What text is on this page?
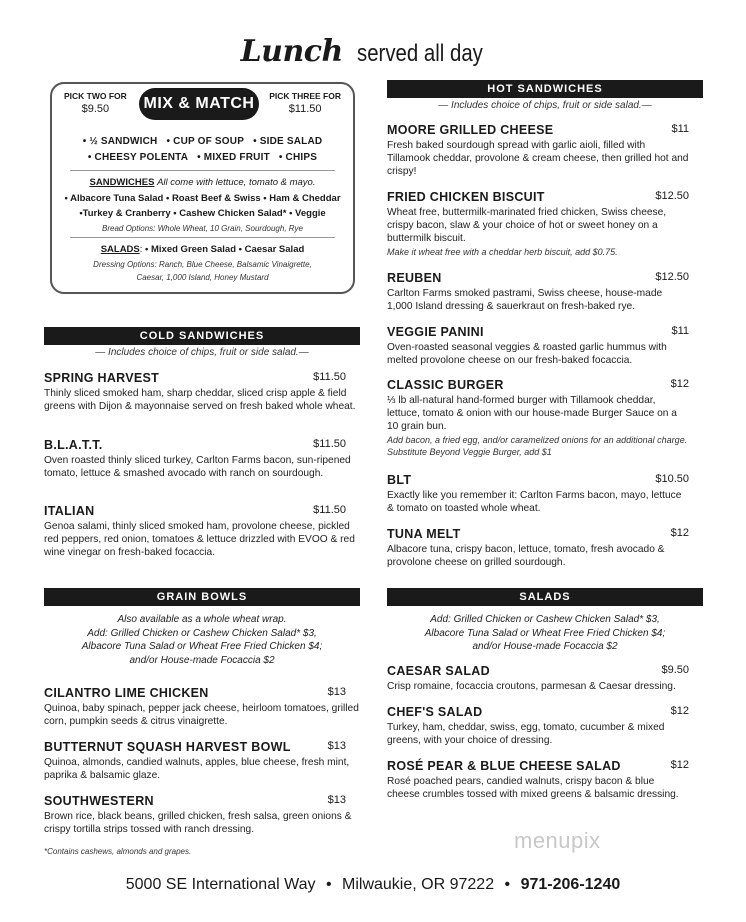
Lunch served all day
PICK TWO FOR
$9.50	MIX & MATCH	PICK THREE FOR
$11.50
• ½ SANDWICH • CUP OF SOUP • SIDE SALAD
• CHEESY POLENTA • MIXED FRUIT • CHIPS
SANDWICHES All come with lettuce, tomato & mayo.
• Albacore Tuna Salad • Roast Beef & Swiss • Ham & Cheddar
•Turkey & Cranberry • Cashew Chicken Salad* • Veggie
Bread Options: Whole Wheat, 10 Grain, Sourdough, Rye
SALADS: • Mixed Green Salad • Caesar Salad
Dressing Options: Ranch, Blue Cheese, Balsamic Vinaigrette,
Caesar, 1,000 Island, Honey Mustard
COLD SANDWICHES
— Includes choice of chips, fruit or side salad.—
SPRING HARVEST	$11.50
Thinly sliced smoked ham, sharp cheddar, sliced crisp apple & field greens with Dijon & mayonnaise served on fresh baked whole wheat.
B.L.A.T.T.	$11.50
Oven roasted thinly sliced turkey, Carlton Farms bacon, sun-ripened tomato, lettuce & smashed avocado with ranch on sourdough.
ITALIAN	$11.50
Genoa salami, thinly sliced smoked ham, provolone cheese, pickled red peppers, red onion, tomatoes & lettuce drizzled with EVOO & red wine vinegar on fresh-baked focaccia.
GRAIN BOWLS
Also available as a whole wheat wrap.
Add: Grilled Chicken or Cashew Chicken Salad* $3,
Albacore Tuna Salad or Wheat Free Fried Chicken $4;
and/or House-made Focaccia $2
CILANTRO LIME CHICKEN	$13
Quinoa, baby spinach, pepper jack cheese, heirloom tomatoes, grilled corn, pumpkin seeds & citrus vinaigrette.
BUTTERNUT SQUASH HARVEST BOWL	$13
Quinoa, almonds, candied walnuts, apples, blue cheese, fresh mint, paprika & balsamic glaze.
SOUTHWESTERN	$13
Brown rice, black beans, grilled chicken, fresh salsa, green onions & crispy tortilla strips tossed with ranch dressing.
*Contains cashews, almonds and grapes.
HOT SANDWICHES
— Includes choice of chips, fruit or side salad.—
MOORE GRILLED CHEESE	$11
Fresh baked sourdough spread with garlic aioli, filled with Tillamook cheddar, provolone & cream cheese, then grilled hot and crispy!
FRIED CHICKEN BISCUIT	$12.50
Wheat free, buttermilk-marinated fried chicken, Swiss cheese, crispy bacon, slaw & your choice of hot or sweet honey on a buttermilk biscuit.
Make it wheat free with a cheddar herb biscuit, add $0.75.
REUBEN	$12.50
Carlton Farms smoked pastrami, Swiss cheese, house-made 1,000 Island dressing & sauerkraut on fresh-baked rye.
VEGGIE PANINI	$11
Oven-roasted seasonal veggies & roasted garlic hummus with melted provolone cheese on our fresh-baked focaccia.
CLASSIC BURGER	$12
⅓ lb all-natural hand-formed burger with Tillamook cheddar, lettuce, tomato & onion with our house-made Burger Sauce on a 10 grain bun.
Add bacon, a fried egg, and/or caramelized onions for an additional charge. Substitute Beyond Veggie Burger, add $1
BLT	$10.50
Exactly like you remember it: Carlton Farms bacon, mayo, lettuce & tomato on toasted whole wheat.
TUNA MELT	$12
Albacore tuna, crispy bacon, lettuce, tomato, fresh avocado & provolone cheese on grilled sourdough.
SALADS
Add: Grilled Chicken or Cashew Chicken Salad* $3,
Albacore Tuna Salad or Wheat Free Fried Chicken $4;
and/or House-made Focaccia $2
CAESAR SALAD	$9.50
Crisp romaine, focaccia croutons, parmesan & Caesar dressing.
CHEF'S SALAD	$12
Turkey, ham, cheddar, swiss, egg, tomato, cucumber & mixed greens, with your choice of dressing.
ROSÉ PEAR & BLUE CHEESE SALAD	$12
Rosé poached pears, candied walnuts, crispy bacon & blue cheese crumbles tossed with mixed greens & balsamic dressing.
menupix
5000 SE International Way • Milwaukie, OR 97222 • 971-206-1240
